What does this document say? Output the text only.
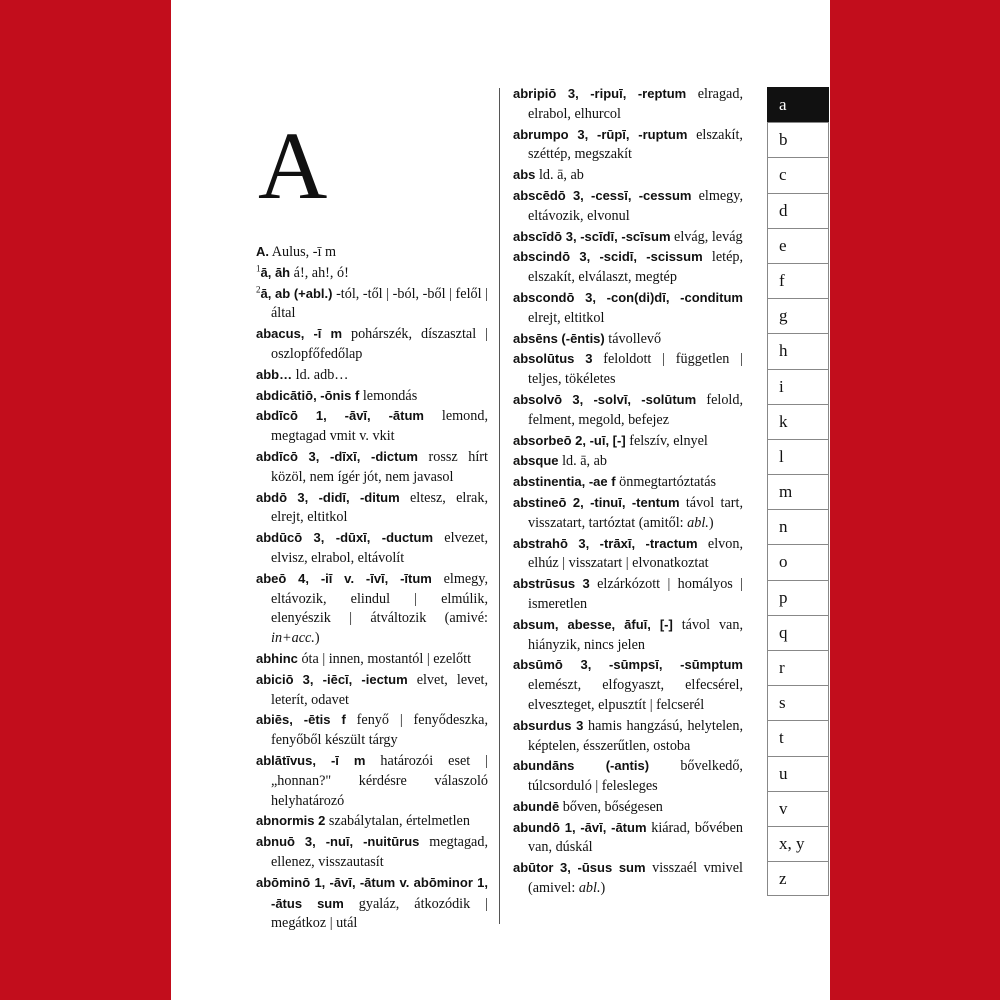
A

A. Aulus, -ī m

$^1$ā, āh á!, ah!, ó!

$^2$ā, ab (+abl.) -tól, -től | -ból, -ből | felől | által

abacus, -ī m pohárszék, díszasztal | oszlopfőfedőlap

abb… ld. adb…

abdicātiō, -ōnis f lemondás

abdīcō 1, -āvī, -ātum lemond, megtagad vmit v. vkit

abdīcō 3, -dīxī, -dictum rossz hírt közöl, nem ígér jót, nem javasol

abdō 3, -didī, -ditum eltesz, elrak, elrejt, eltitkol

abdūcō 3, -dūxī, -ductum elvezet, elvisz, elrabol, eltávolít

abeō 4, -iī v. -īvī, -ītum elmegy, eltávozik, elindul | elmúlik, elenyészik | átváltozik (amivé: in+acc.)

abhinc óta | innen, mostantól | ezelőtt

abiciō 3, -iēcī, -iectum elvet, levet, leterít, odavet

abiēs, -ētis f fenyő | fenyődeszka, fenyőből készült tárgy

ablātīvus, -ī m határozói eset | „honnan?" kérdésre válaszoló helyhatározó

abnormis 2 szabálytalan, értelmetlen

abnuō 3, -nuī, -nuitūrus megtagad, ellenez, visszautasít

abōminō 1, -āvī, -ātum v. abōminor 1, -ātus sum gyaláz, átkozódik | megátkoz | utál

abripiō 3, -ripuī, -reptum elragad, elrabol, elhurcol

abrumpo 3, -rūpī, -ruptum elszakít, széttép, megszakít

abs ld. ā, ab

abscēdō 3, -cessī, -cessum elmegy, eltávozik, elvonul

abscīdō 3, -scīdī, -scīsum elvág, levág

abscindō 3, -scidī, -scissum letép, elszakít, elválaszt, megtép

abscondō 3, -con(di)dī, -conditum elrejt, eltitkol

absēns (-ēntis) távollevő

absolūtus 3 feloldott | független | teljes, tökéletes

absolvō 3, -solvī, -solūtum felold, felment, megold, befejez

absorbeō 2, -uī, [-] felszív, elnyel

absque ld. ā, ab

abstinentia, -ae f önmegtartóztatás

abstineō 2, -tinuī, -tentum távol tart, visszatart, tartóztat (amitől: abl.)

abstrahō 3, -trāxī, -tractum elvon, elhúz | visszatart | elvonatkoztat

abstrūsus 3 elzárkózott | homályos | ismeretlen

absum, abesse, āfuī, [-] távol van, hiányzik, nincs jelen

absūmō 3, -sūmpsī, -sūmptum elemészt, elfogyaszt, elfecsérel, elveszteget, elpusztít | felcserél

absurdus 3 hamis hangzású, helytelen, képtelen, ésszerűtlen, ostoba

abundāns (-antis) bővelkedő, túlcsorduló | felesleges

abundē bőven, bőségesen

abundō 1, -āvī, -ātum kiárad, bővében van, dúskál

abūtor 3, -ūsus sum visszaél vmivel (amivel: abl.)

a
b
c
d
e
f
g
h
i
k
l
m
n
o
p
q
r
s
t
u
v
x, y
z
